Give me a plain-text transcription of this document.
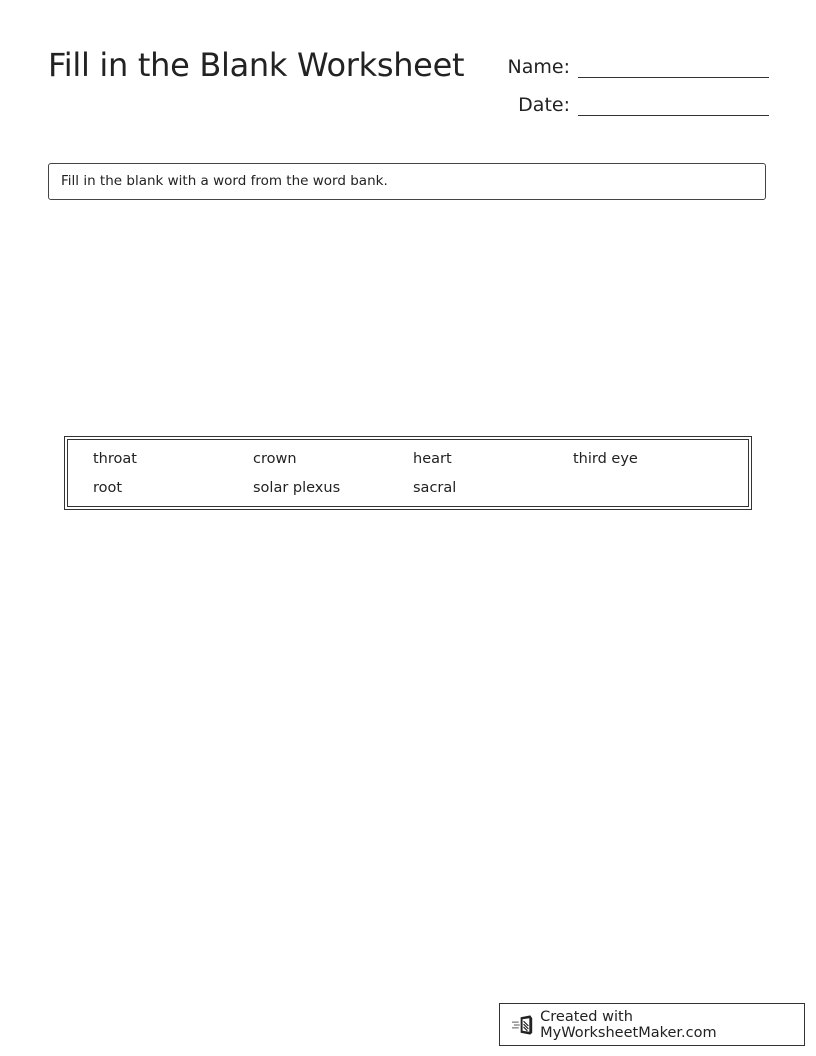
Fill in the Blank Worksheet	Name:
Date:
Fill in the blank with a word from the word bank.
throat	crown	heart	third eye
root	solar plexus	sacral
Created with MyWorksheetMaker.com
